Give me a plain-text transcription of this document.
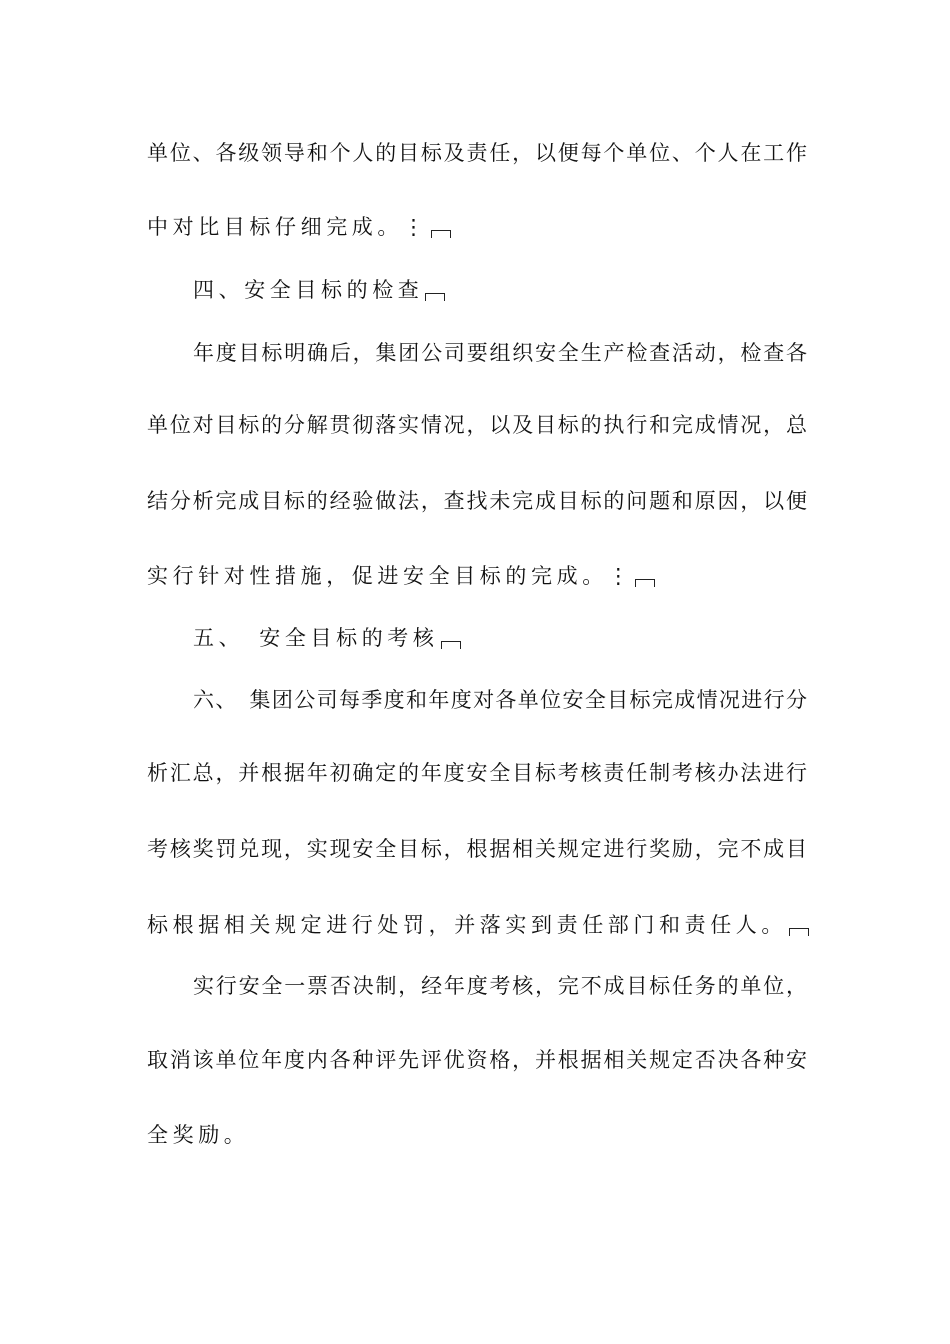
单位、各级领导和个人的目标及责任，以便每个单位、个人在工作
中对比目标仔细完成。⋮
四、安全目标的检查
年度目标明确后，集团公司要组织安全生产检查活动，检查各
单位对目标的分解贯彻落实情况，以及目标的执行和完成情况，总
结分析完成目标的经验做法，查找未完成目标的问题和原因，以便
实行针对性措施，促进安全目标的完成。⋮
五、　安全目标的考核
六、　集团公司每季度和年度对各单位安全目标完成情况进行分
析汇总，并根据年初确定的年度安全目标考核责任制考核办法进行
考核奖罚兑现，实现安全目标，根据相关规定进行奖励，完不成目
标根据相关规定进行处罚，并落实到责任部门和责任人。
实行安全一票否决制，经年度考核，完不成目标任务的单位，
取消该单位年度内各种评先评优资格，并根据相关规定否决各种安
全奖励。
